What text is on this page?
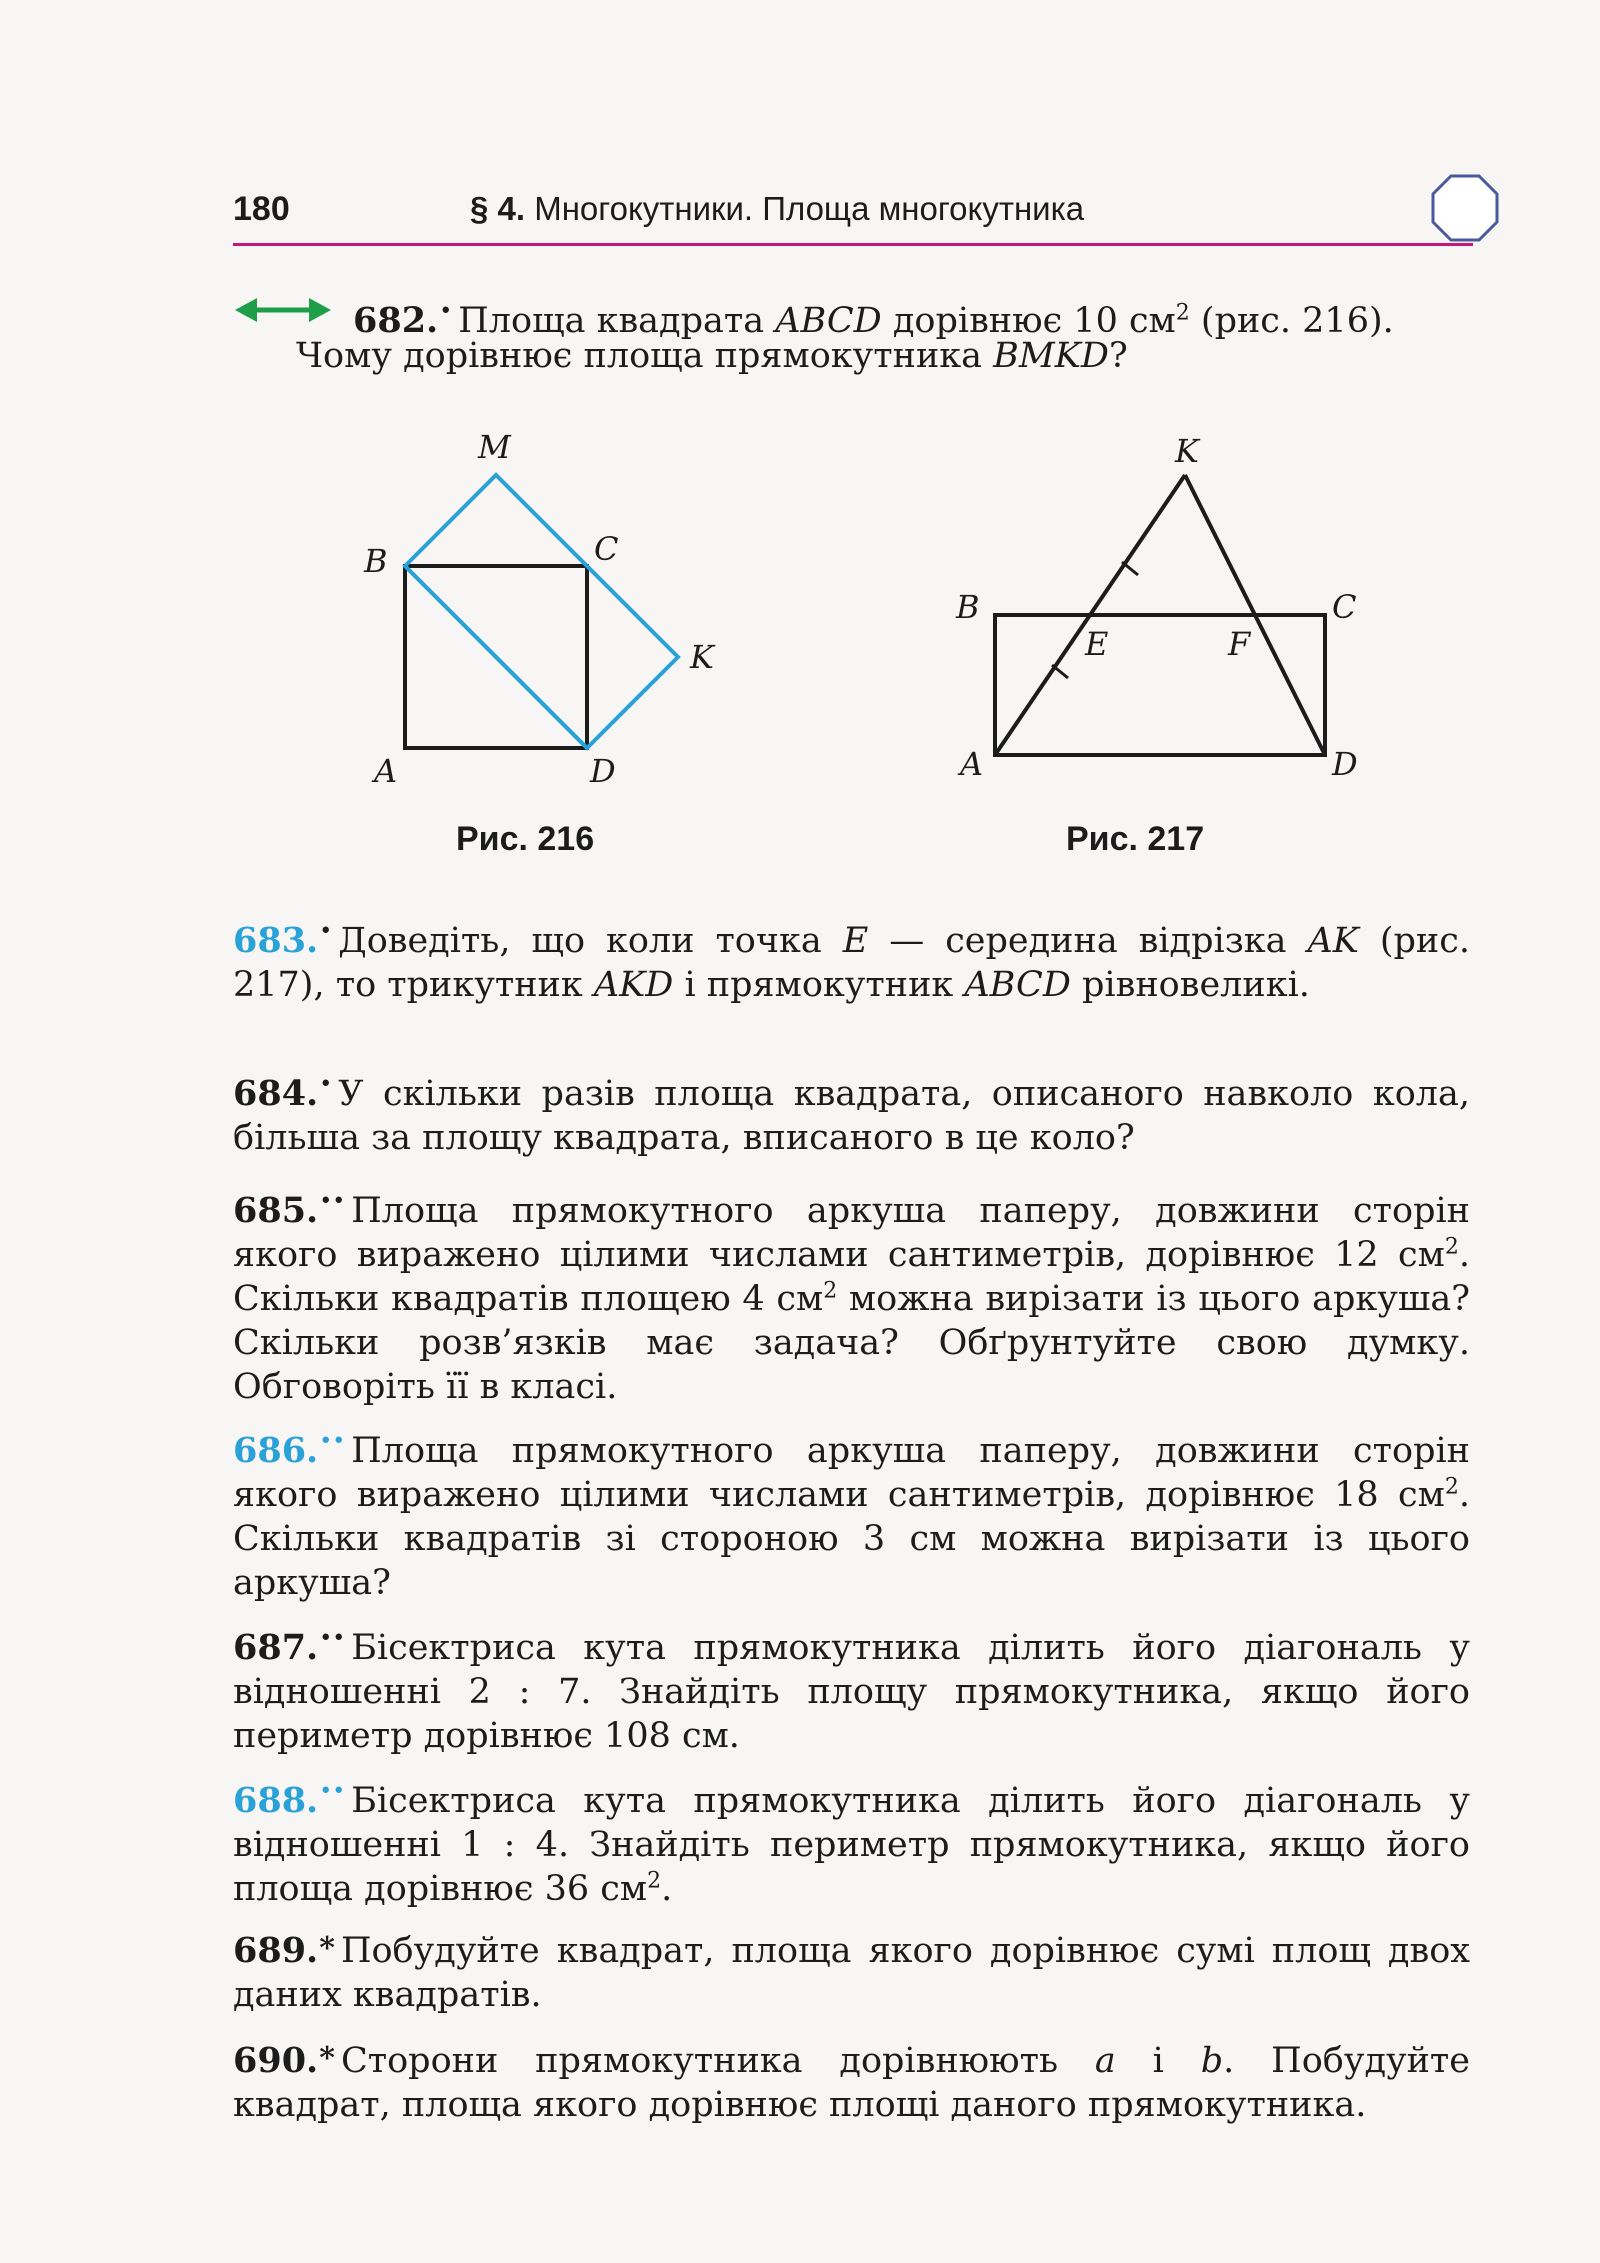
180	§ 4. Многокутники. Площа многокутника
682.• Площа квадрата ABCD дорівнює 10 $см^2$ (рис. 216).
Чому дорівнює площа прямокутника BMKD?
M
B	C
K
A	D
Рис. 216
K
B	C
E	F
A	D
Рис. 217
683.• Доведіть, що коли точка E — середина відрізка AK (рис. 217), то трикутник AKD і прямокутник ABCD рівновеликі.
684.• У скільки разів площа квадрата, описаного навколо кола, більша за площу квадрата, вписаного в це коло?
685.•• Площа прямокутного аркуша паперу, довжини сторін якого виражено цілими числами сантиметрів, дорівнює 12 $см^2$. Скільки квадратів площею 4 $см^2$ можна вирізати із цього аркуша? Скільки розв’язків має задача? Обґрунтуйте свою думку. Обговоріть її в класі.
686.•• Площа прямокутного аркуша паперу, довжини сторін якого виражено цілими числами сантиметрів, дорівнює 18 $см^2$. Скільки квадратів зі стороною 3 см можна вирізати із цього аркуша?
687.•• Бісектриса кута прямокутника ділить його діагональ у відношенні 2 : 7. Знайдіть площу прямокутника, якщо його периметр дорівнює 108 см.
688.•• Бісектриса кута прямокутника ділить його діагональ у відношенні 1 : 4. Знайдіть периметр прямокутника, якщо його площа дорівнює 36 $см^2$.
689.* Побудуйте квадрат, площа якого дорівнює сумі площ двох даних квадратів.
690.* Сторони прямокутника дорівнюють a і b. Побудуйте квадрат, площа якого дорівнює площі даного прямокутника.
